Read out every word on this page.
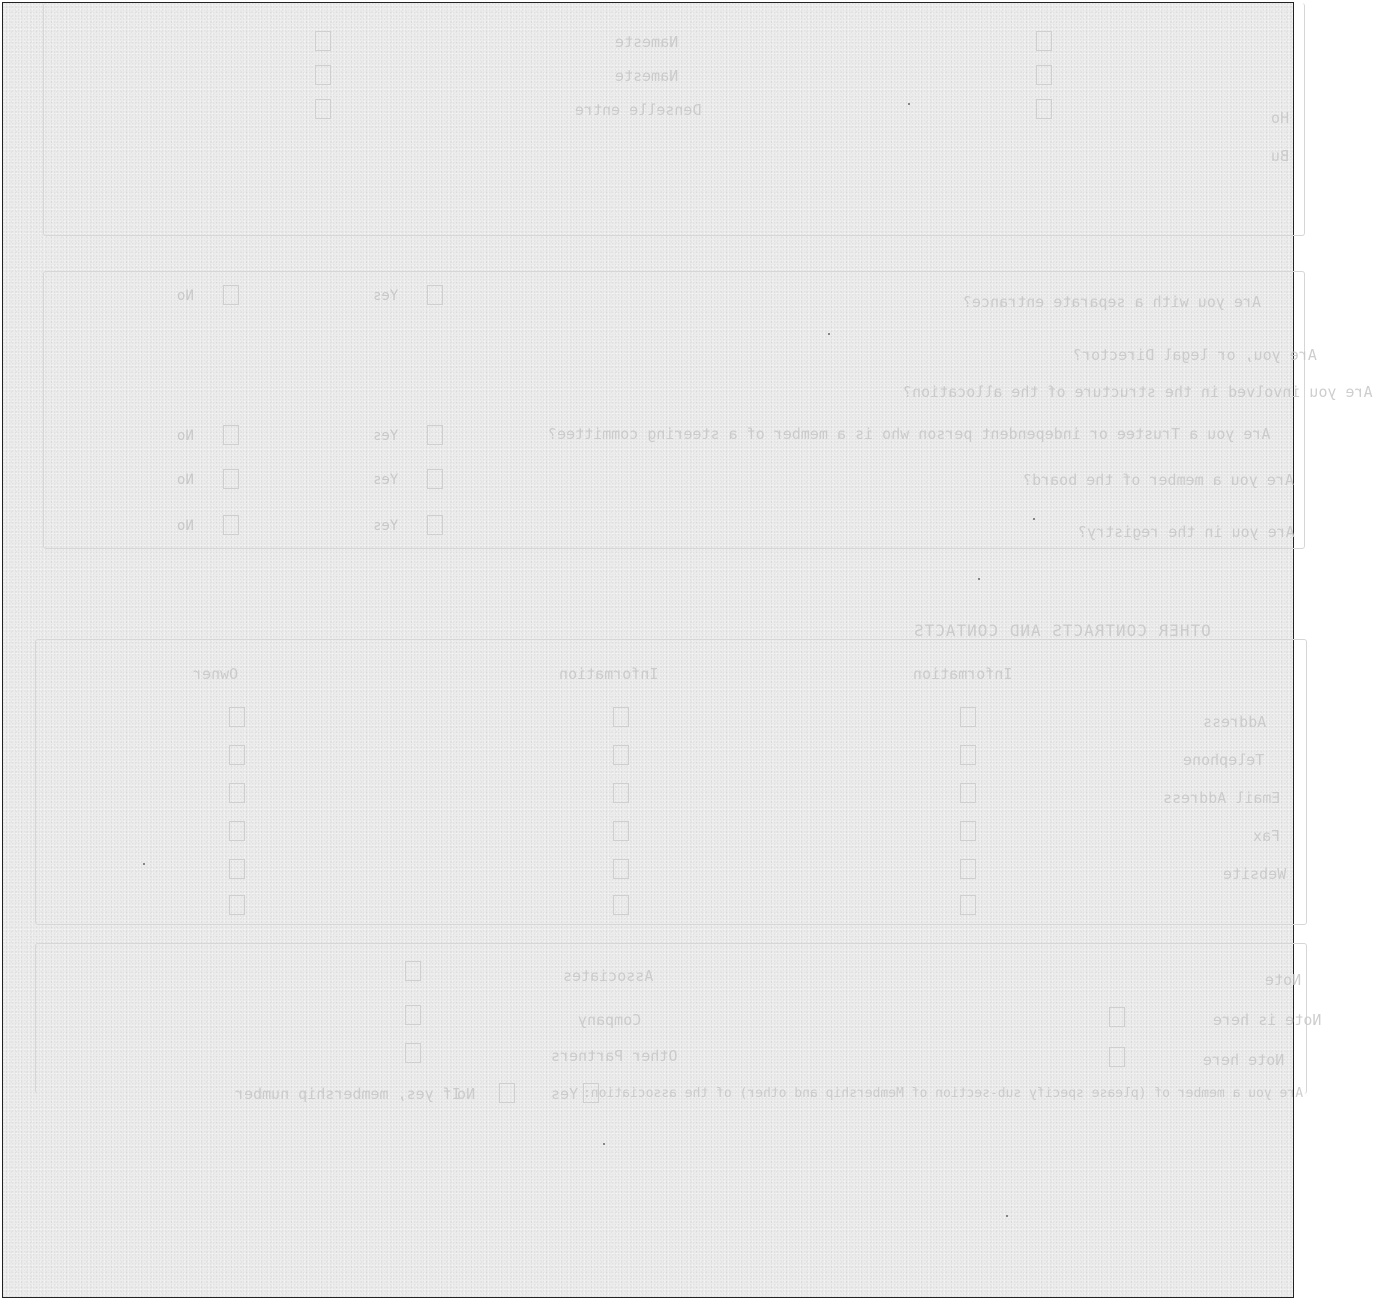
Nameste
Nameste
Denselle entre	Ho
Bu
Are you with a separate entrance?
Are you, or legal Director?
Are you involved in the structure of the allocation?
Are you a Trustee or independent person who is a member of a steering committee?
Are you a member of the board?
Are you in the registry?
Yes
No
Yes
No
Yes
No
Yes
No
OTHER CONTRACTS AND CONTACTS
Information
Information
Owner
Address
Telephone
Email Address
Fax
Website
Associates
Company
Other Partners
Note
Note is here
Note here
Are you a member of (please specify sub-section of Membership and other) of the association:
Yes
No
If yes, membership number
